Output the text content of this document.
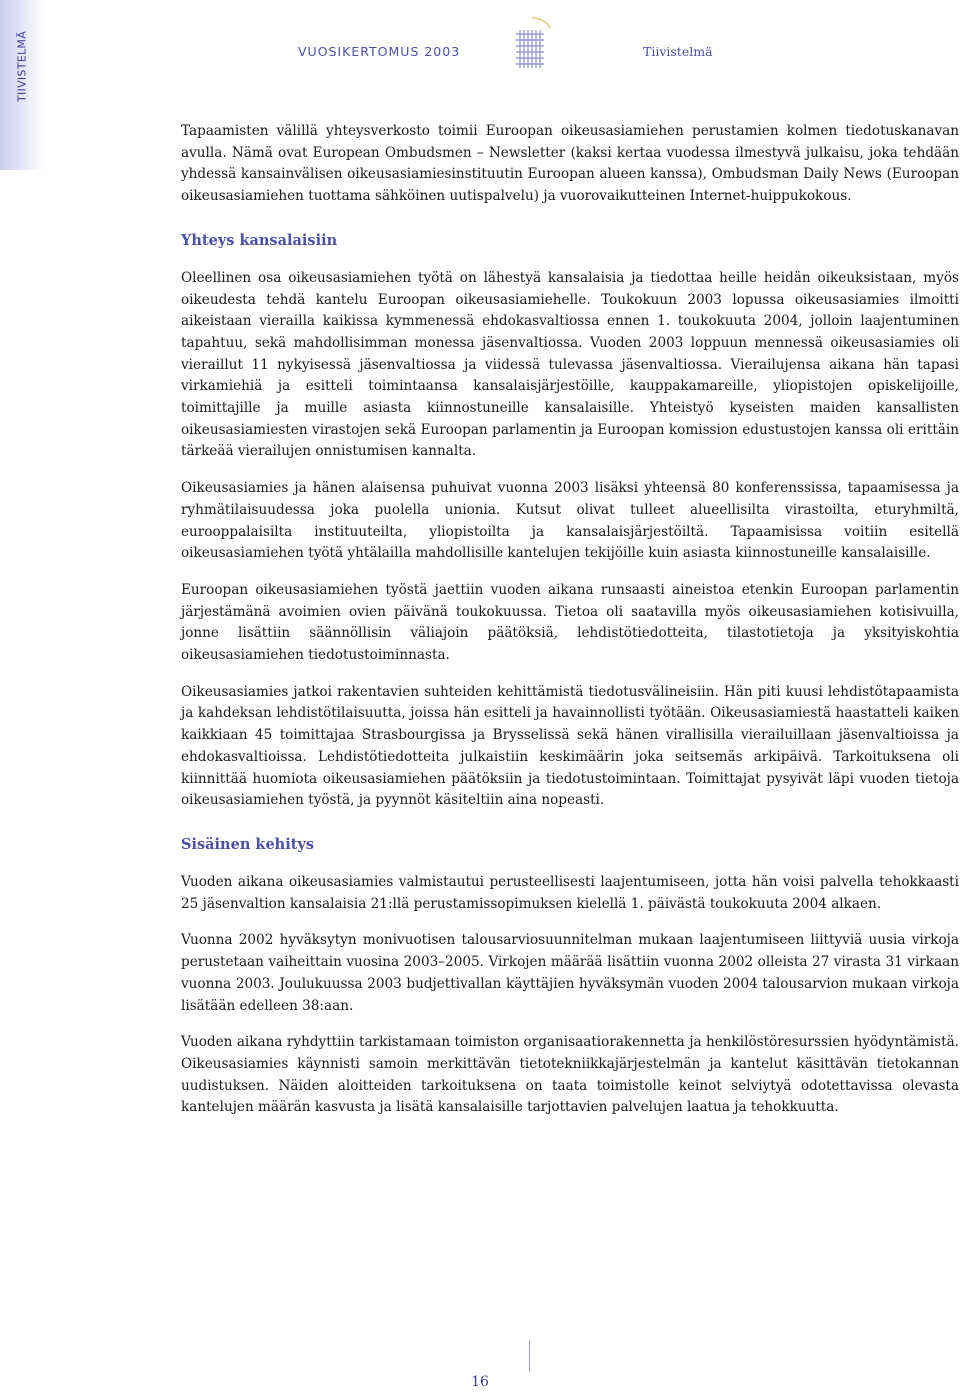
TIIVISTELMÄ	VUOSIKERTOMUS 2003	Tiivistelmä

Tapaamisten välillä yhteysverkosto toimii Euroopan oikeusasiamiehen perustamien kolmen tiedotuskanavan avulla. Nämä ovat European Ombudsmen – Newsletter (kaksi kertaa vuodessa ilmestyvä julkaisu, joka tehdään yhdessä kansainvälisen oikeusasiamiesinstituutin Euroopan alueen kanssa), Ombudsman Daily News (Euroopan oikeusasiamiehen tuottama sähköinen uutispalvelu) ja vuorovaikutteinen Internet-huippukokous.

Yhteys kansalaisiin

Oleellinen osa oikeusasiamiehen työtä on lähestyä kansalaisia ja tiedottaa heille heidän oikeuksistaan, myös oikeudesta tehdä kantelu Euroopan oikeusasiamiehelle. Toukokuun 2003 lopussa oikeusasiamies ilmoitti aikeistaan vierailla kaikissa kymmenessä ehdokasvaltiossa ennen 1. toukokuuta 2004, jolloin laajentuminen tapahtuu, sekä mahdollisimman monessa jäsenvaltiossa. Vuoden 2003 loppuun mennessä oikeusasiamies oli vieraillut 11 nykyisessä jäsenvaltiossa ja viidessä tulevassa jäsenvaltiossa. Vierailujensa aikana hän tapasi virkamiehiä ja esitteli toimintaansa kansalaisjärjestöille, kauppakamareille, yliopistojen opiskelijoille, toimittajille ja muille asiasta kiinnostuneille kansalaisille. Yhteistyö kyseisten maiden kansallisten oikeusasiamiesten virastojen sekä Euroopan parlamentin ja Euroopan komission edustustojen kanssa oli erittäin tärkeää vierailujen onnistumisen kannalta.

Oikeusasiamies ja hänen alaisensa puhuivat vuonna 2003 lisäksi yhteensä 80 konferenssissa, tapaamisessa ja ryhmätilaisuudessa joka puolella unionia. Kutsut olivat tulleet alueellisilta virastoilta, eturyhmiltä, eurooppalaisilta instituuteilta, yliopistoilta ja kansalaisjärjestöiltä. Tapaamisissa voitiin esitellä oikeusasiamiehen työtä yhtälailla mahdollisille kantelujen tekijöille kuin asiasta kiinnostuneille kansalaisille.

Euroopan oikeusasiamiehen työstä jaettiin vuoden aikana runsaasti aineistoa etenkin Euroopan parlamentin järjestämänä avoimien ovien päivänä toukokuussa. Tietoa oli saatavilla myös oikeusasiamiehen kotisivuilla, jonne lisättiin säännöllisin väliajoin päätöksiä, lehdistötiedotteita, tilastotietoja ja yksityiskohtia oikeusasiamiehen tiedotustoiminnasta.

Oikeusasiamies jatkoi rakentavien suhteiden kehittämistä tiedotusvälineisiin. Hän piti kuusi lehdistötapaamista ja kahdeksan lehdistötilaisuutta, joissa hän esitteli ja havainnollisti työtään. Oikeusasiamiestä haastatteli kaiken kaikkiaan 45 toimittajaa Strasbourgissa ja Brysselissä sekä hänen virallisilla vierailuillaan jäsenvaltioissa ja ehdokasvaltioissa. Lehdistötiedotteita julkaistiin keskimäärin joka seitsemäs arkipäivä. Tarkoituksena oli kiinnittää huomiota oikeusasiamiehen päätöksiin ja tiedotustoimintaan. Toimittajat pysyivät läpi vuoden tietoja oikeusasiamiehen työstä, ja pyynnöt käsiteltiin aina nopeasti.

Sisäinen kehitys

Vuoden aikana oikeusasiamies valmistautui perusteellisesti laajentumiseen, jotta hän voisi palvella tehokkaasti 25 jäsenvaltion kansalaisia 21:llä perustamissopimuksen kielellä 1. päivästä toukokuuta 2004 alkaen.

Vuonna 2002 hyväksytyn monivuotisen talousarviosuunnitelman mukaan laajentumiseen liittyviä uusia virkoja perustetaan vaiheittain vuosina 2003–2005. Virkojen määrää lisättiin vuonna 2002 olleista 27 virasta 31 virkaan vuonna 2003. Joulukuussa 2003 budjettivallan käyttäjien hyväksymän vuoden 2004 talousarvion mukaan virkoja lisätään edelleen 38:aan.

Vuoden aikana ryhdyttiin tarkistamaan toimiston organisaatiorakennetta ja henkilöstöresurssien hyödyntämistä. Oikeusasiamies käynnisti samoin merkittävän tietotekniikkajärjestelmän ja kantelut käsittävän tietokannan uudistuksen. Näiden aloitteiden tarkoituksena on taata toimistolle keinot selviytyä odotettavissa olevasta kantelujen määrän kasvusta ja lisätä kansalaisille tarjottavien palvelujen laatua ja tehokkuutta.

16
